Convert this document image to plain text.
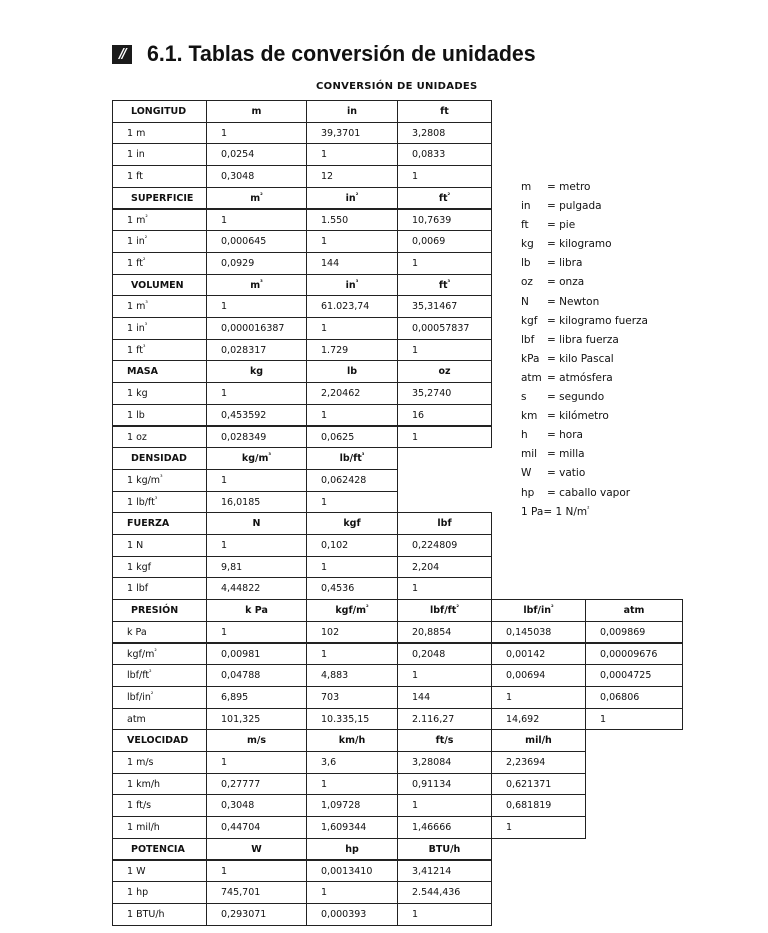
//	6.1. Tablas de conversión de unidades
CONVERSIÓN DE UNIDADES
LONGITUD	m	in	ft
1 m	1	39,3701	3,2808
1 in	0,0254	1	0,0833
1 ft	0,3048	12	1
SUPERFICIE	$m^{^2}$	$in^{^2}$	$ft^{^2}$
1 $m^{^2}$	1	1.550	10,7639
1 $in^{^2}$	0,000645	1	0,0069
1 $ft^{^2}$	0,0929	144	1
VOLUMEN	$m^{^3}$	$in^{^3}$	$ft^{^3}$
1 $m^{^3}$	1	61.023,74	35,31467
1 $in^{^3}$	0,000016387	1	0,00057837
1 $ft^{^3}$	0,028317	1.729	1
MASA	kg	lb	oz
1 kg	1	2,20462	35,2740
1 lb	0,453592	1	16
1 oz	0,028349	0,0625	1
DENSIDAD	$kg/m^{^3}$	$lb/ft^{^3}$
1 $kg/m^{^3}$	1	0,062428
1 $lb/ft^{^3}$	16,0185	1
FUERZA	N	kgf	lbf
1 N	1	0,102	0,224809
1 kgf	9,81	1	2,204
1 lbf	4,44822	0,4536	1
PRESIÓN	k Pa	kgf/$m^{^2}$	lbf/$ft^{^2}$	lbf/$in^{^2}$	atm
k Pa	1	102	20,8854	0,145038	0,009869
kgf/$m^{^2}$	0,00981	1	0,2048	0,00142	0,00009676
lbf/$ft^{^2}$	0,04788	4,883	1	0,00694	0,0004725
lbf/$in^{^2}$	6,895	703	144	1	0,06806
atm	101,325	10.335,15	2.116,27	14,692	1
VELOCIDAD	m/s	km/h	ft/s	mil/h
1 m/s	1	3,6	3,28084	2,23694
1 km/h	0,27777	1	0,91134	0,621371
1 ft/s	0,3048	1,09728	1	0,681819
1 mil/h	0,44704	1,609344	1,46666	1
POTENCIA	W	hp	BTU/h
1 W	1	0,0013410	3,41214
1 hp	745,701	1	2.544,436
1 BTU/h	0,293071	0,000393	1
m	= metro
in	= pulgada
ft	= pie
kg	= kilogramo
lb	= libra
oz	= onza
N	= Newton
kgf = kilogramo fuerza
lbf	= libra fuerza
kPa = kilo Pascal
atm = atmósfera
s	= segundo
km = kilómetro
h	= hora
mil = milla
W	= vatio
hp	= caballo vapor
1 Pa = 1 $N/m^{^2}$
